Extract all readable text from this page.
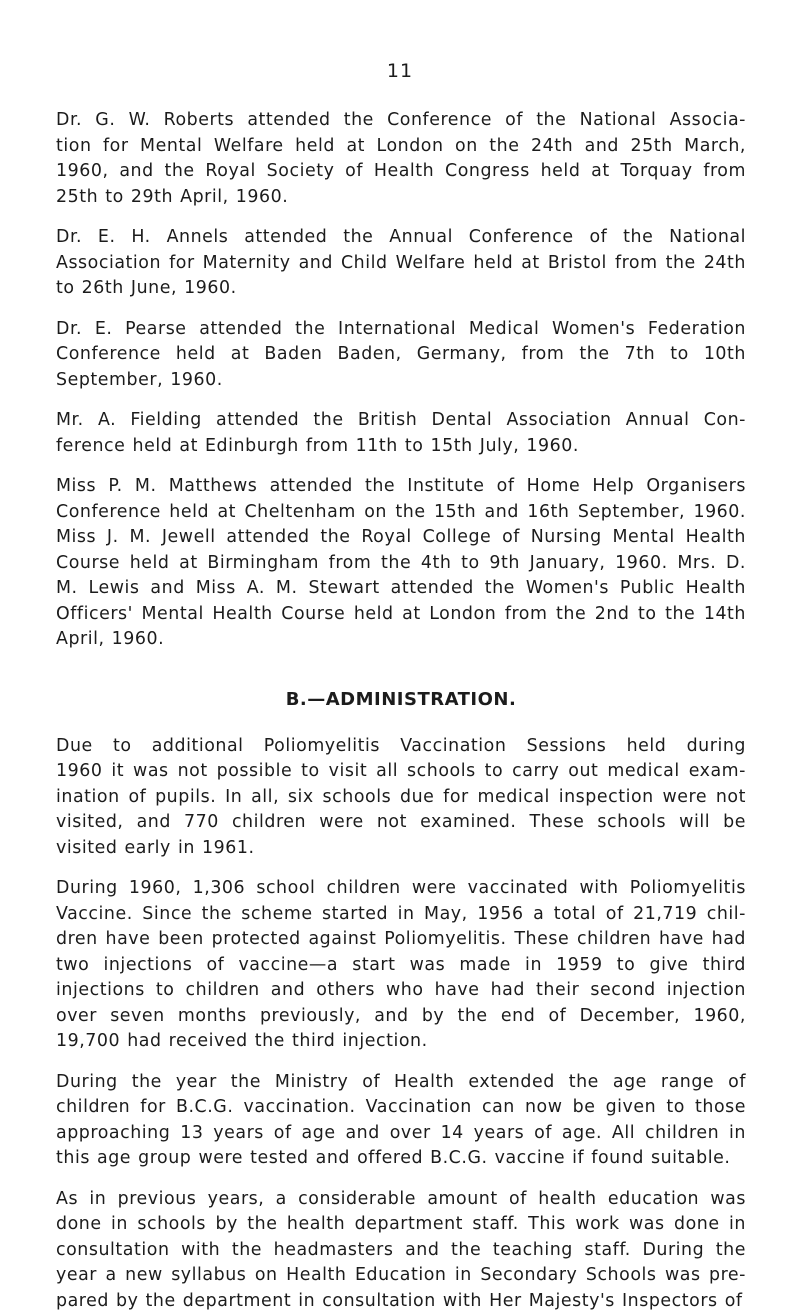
11
Dr. G. W. Roberts attended the Conference of the National Associa-
tion for Mental Welfare held at London on the 24th and 25th March,
1960, and the Royal Society of Health Congress held at Torquay from
25th to 29th April, 1960.
Dr. E. H. Annels attended the Annual Conference of the National
Association for Maternity and Child Welfare held at Bristol from the 24th
to 26th June, 1960.
Dr. E. Pearse attended the International Medical Women's Federation
Conference held at Baden Baden, Germany, from the 7th to 10th
September, 1960.
Mr. A. Fielding attended the British Dental Association Annual Con-
ference held at Edinburgh from 11th to 15th July, 1960.
Miss P. M. Matthews attended the Institute of Home Help Organisers
Conference held at Cheltenham on the 15th and 16th September, 1960.
Miss J. M. Jewell attended the Royal College of Nursing Mental Health
Course held at Birmingham from the 4th to 9th January, 1960. Mrs. D.
M. Lewis and Miss A. M. Stewart attended the Women's Public Health
Officers' Mental Health Course held at London from the 2nd to the 14th
April, 1960.
B.—ADMINISTRATION.
Due to additional Poliomyelitis Vaccination Sessions held during
1960 it was not possible to visit all schools to carry out medical exam-
ination of pupils. In all, six schools due for medical inspection were not
visited, and 770 children were not examined. These schools will be
visited early in 1961.
During 1960, 1,306 school children were vaccinated with Poliomyelitis
Vaccine. Since the scheme started in May, 1956 a total of 21,719 chil-
dren have been protected against Poliomyelitis. These children have had
two injections of vaccine—a start was made in 1959 to give third
injections to children and others who have had their second injection
over seven months previously, and by the end of December, 1960,
19,700 had received the third injection.
During the year the Ministry of Health extended the age range of
children for B.C.G. vaccination. Vaccination can now be given to those
approaching 13 years of age and over 14 years of age. All children in
this age group were tested and offered B.C.G. vaccine if found suitable.
As in previous years, a considerable amount of health education was
done in schools by the health department staff. This work was done in
consultation with the headmasters and the teaching staff. During the
year a new syllabus on Health Education in Secondary Schools was pre-
pared by the department in consultation with Her Majesty's Inspectors of
